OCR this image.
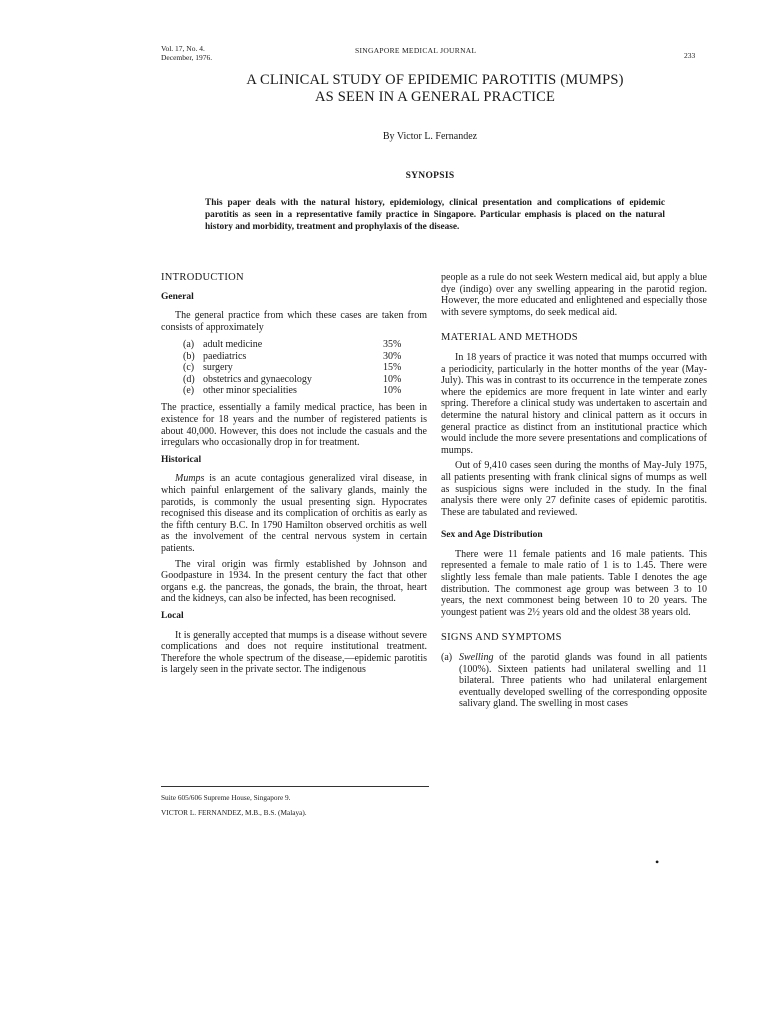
Vol. 17, No. 4.
December, 1976.
SINGAPORE MEDICAL JOURNAL
233
A CLINICAL STUDY OF EPIDEMIC PAROTITIS (MUMPS)
AS SEEN IN A GENERAL PRACTICE
By Victor L. Fernandez
SYNOPSIS

This paper deals with the natural history, epidemiology, clinical presentation and complications of epidemic parotitis as seen in a representative family practice in Singapore. Particular emphasis is placed on the natural history and morbidity, treatment and prophylaxis of the disease.

INTRODUCTION
General

The general practice from which these cases are taken from consists of approximately

(a) adult medicine	35%
(b) paediatrics	30%
(c) surgery	15%
(d) obstetrics and gynaecology	10%
(e) other minor specialities	10%

The practice, essentially a family medical practice, has been in existence for 18 years and the number of registered patients is about 40,000. However, this does not include the casuals and the irregulars who occasionally drop in for treatment.

Historical

Mumps is an acute contagious generalized viral disease, in which painful enlargement of the salivary glands, mainly the parotids, is commonly the usual presenting sign. Hypocrates recognised this disease and its complication of orchitis as early as the fifth century B.C. In 1790 Hamilton observed orchitis as well as the involvement of the central nervous system in certain patients.

The viral origin was firmly established by Johnson and Goodpasture in 1934. In the present century the fact that other organs e.g. the pancreas, the gonads, the brain, the throat, heart and the kidneys, can also be infected, has been recognised.

Local

It is generally accepted that mumps is a disease without severe complications and does not require institutional treatment. Therefore the whole spectrum of the disease,—epidemic parotitis is largely seen in the private sector. The indigenous

people as a rule do not seek Western medical aid, but apply a blue dye (indigo) over any swelling appearing in the parotid region. However, the more educated and enlightened and especially those with severe symptoms, do seek medical aid.

MATERIAL AND METHODS

In 18 years of practice it was noted that mumps occurred with a periodicity, particularly in the hotter months of the year (May-July). This was in contrast to its occurrence in the temperate zones where the epidemics are more frequent in late winter and early spring. Therefore a clinical study was undertaken to ascertain and determine the natural history and clinical pattern as it occurs in general practice as distinct from an institutional practice which would include the more severe presentations and complications of mumps.

Out of 9,410 cases seen during the months of May-July 1975, all patients presenting with frank clinical signs of mumps as well as suspicious signs were included in the study. In the final analysis there were only 27 definite cases of epidemic parotitis. These are tabulated and reviewed.

Sex and Age Distribution

There were 11 female patients and 16 male patients. This represented a female to male ratio of 1 is to 1.45. There were slightly less female than male patients. Table I denotes the age distribution. The commonest age group was between 3 to 10 years, the next commonest being between 10 to 20 years. The youngest patient was 2½ years old and the oldest 38 years old.

SIGNS AND SYMPTOMS
(a) Swelling of the parotid glands was found in all patients (100%). Sixteen patients had unilateral swelling and 11 bilateral. Three patients who had unilateral enlargement eventually developed swelling of the corresponding opposite salivary gland. The swelling in most cases
Suite 605/606 Supreme House, Singapore 9.
VICTOR L. FERNANDEZ, M.B., B.S. (Malaya).
•
